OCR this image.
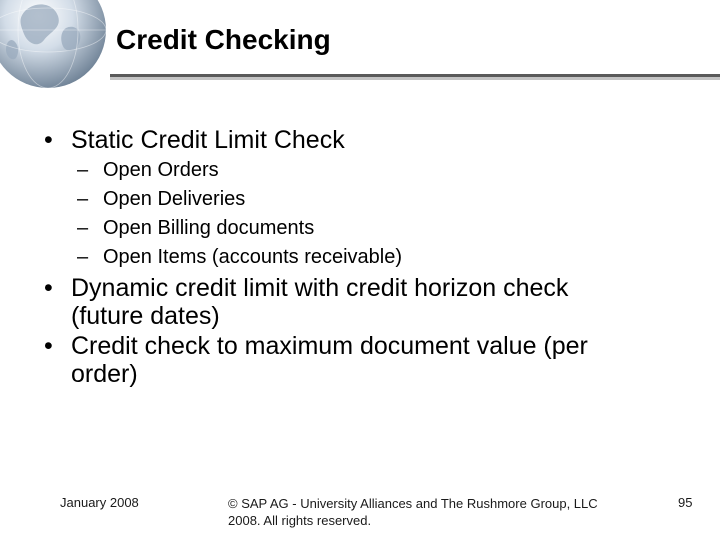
Credit Checking
• Static Credit Limit Check
– Open Orders
– Open Deliveries
– Open Billing documents
– Open Items (accounts receivable)
• Dynamic credit limit with credit horizon check
(future dates)
• Credit check to maximum document value (per
order)
January 2008	© SAP AG - University Alliances and The Rushmore Group, LLC
2008. All rights reserved.
95
